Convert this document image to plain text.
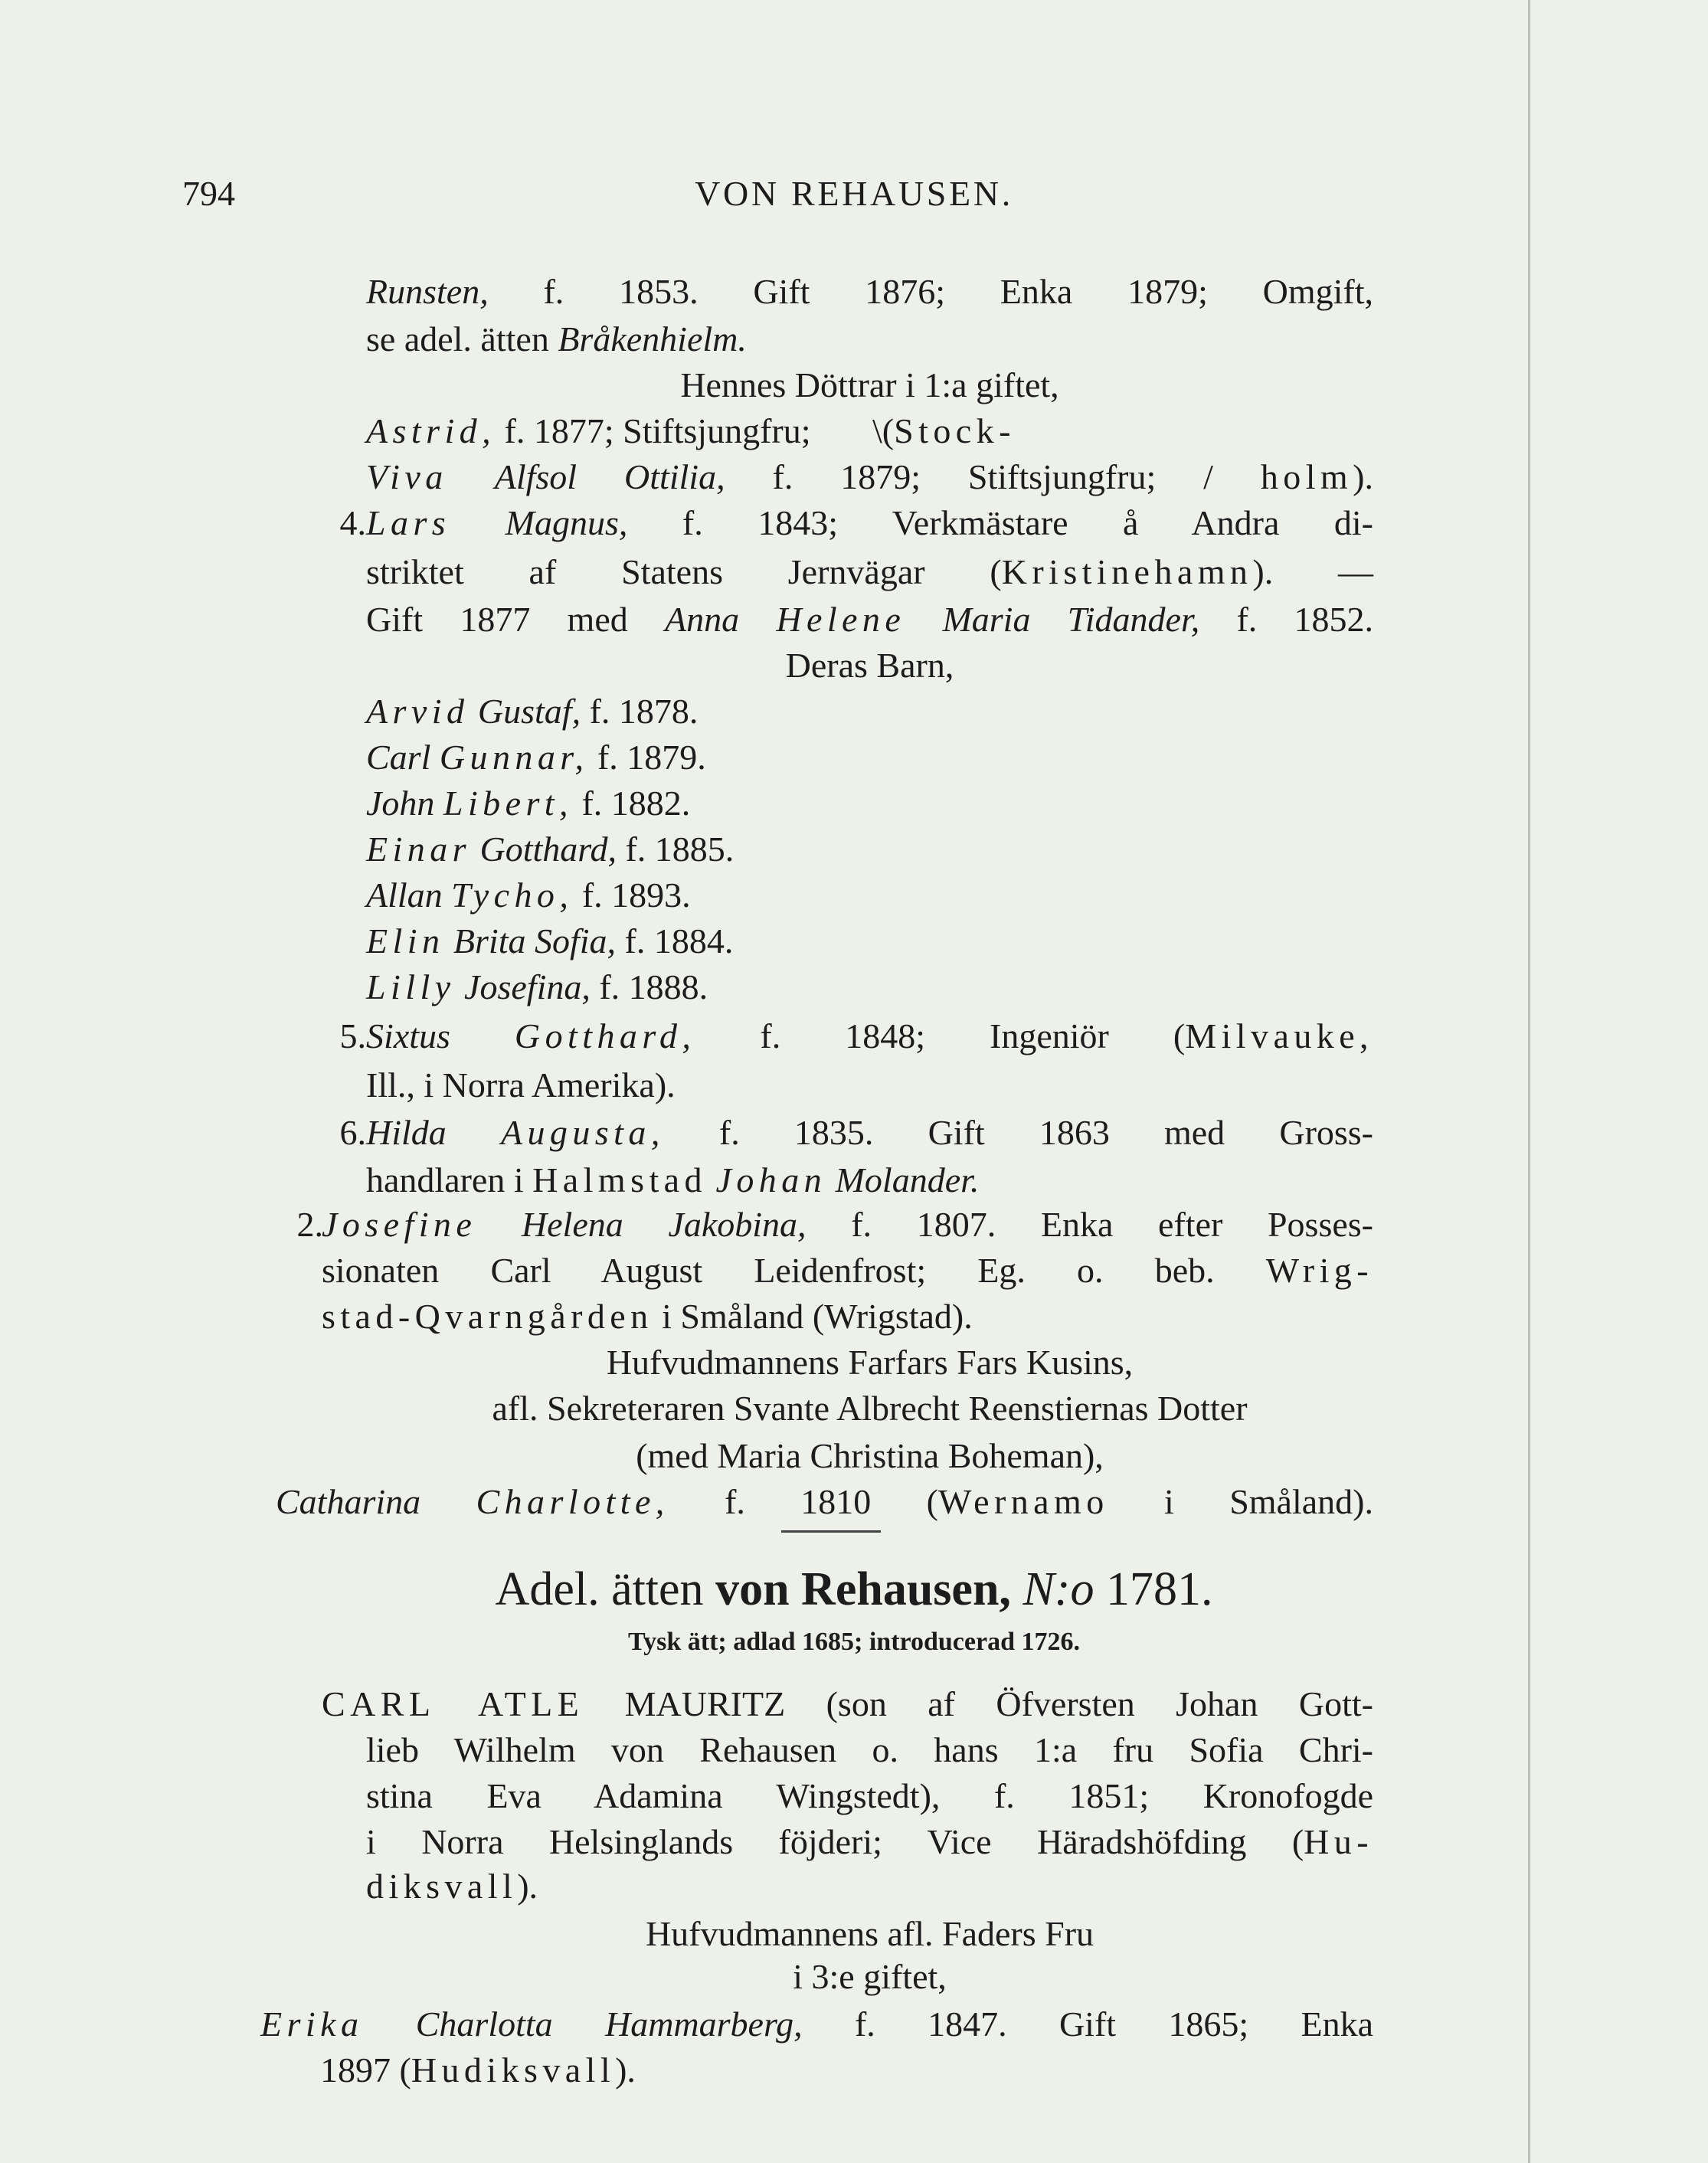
794	VON REHAUSEN.
Runsten, f. 1853. Gift 1876; Enka 1879; Omgift,
se adel. ätten Bråkenhielm.
Hennes Döttrar i 1:a giftet,
Astrid, f. 1877; Stiftsjungfru;       \(Stock-
Viva Alfsol Ottilia, f. 1879; Stiftsjungfru; / holm).
4. Lars Magnus, f. 1843; Verkmästare å Andra di-
striktet af Statens Jernvägar (Kristinehamn). —
Gift 1877 med Anna Helene Maria Tidander, f. 1852.
Deras Barn,
Arvid Gustaf, f. 1878.
Carl Gunnar, f. 1879.
John Libert, f. 1882.
Einar Gotthard, f. 1885.
Allan Tycho, f. 1893.
Elin Brita Sofia, f. 1884.
Lilly Josefina, f. 1888.
5. Sixtus Gotthard, f. 1848; Ingeniör (Milvauke,
Ill., i Norra Amerika).
6. Hilda Augusta, f. 1835. Gift 1863 med Gross-
handlaren i Halmstad Johan Molander.
2.
Josefine Helena Jakobina, f. 1807. Enka efter Posses-
sionaten Carl August Leidenfrost; Eg. o. beb. Wrig-
stad-Qvarngården i Småland (Wrigstad).
Hufvudmannens Farfars Fars Kusins,
afl. Sekreteraren Svante Albrecht Reenstiernas Dotter
(med Maria Christina Boheman),
Catharina Charlotte, f. 1810 (Wernamo i Småland).
CARL ATLE MAURITZ (son af Öfversten Johan Gott-
lieb Wilhelm von Rehausen o. hans 1:a fru Sofia Chri-
stina Eva Adamina Wingstedt), f. 1851; Kronofogde
i Norra Helsinglands föjderi; Vice Häradshöfding (Hu-
diksvall).
Hufvudmannens afl. Faders Fru
i 3:e giftet,
Erika Charlotta Hammarberg, f. 1847. Gift 1865; Enka
1897 (Hudiksvall).
Adel. ätten von Rehausen, N:o 1781.
Tysk ätt; adlad 1685; introducerad 1726.
